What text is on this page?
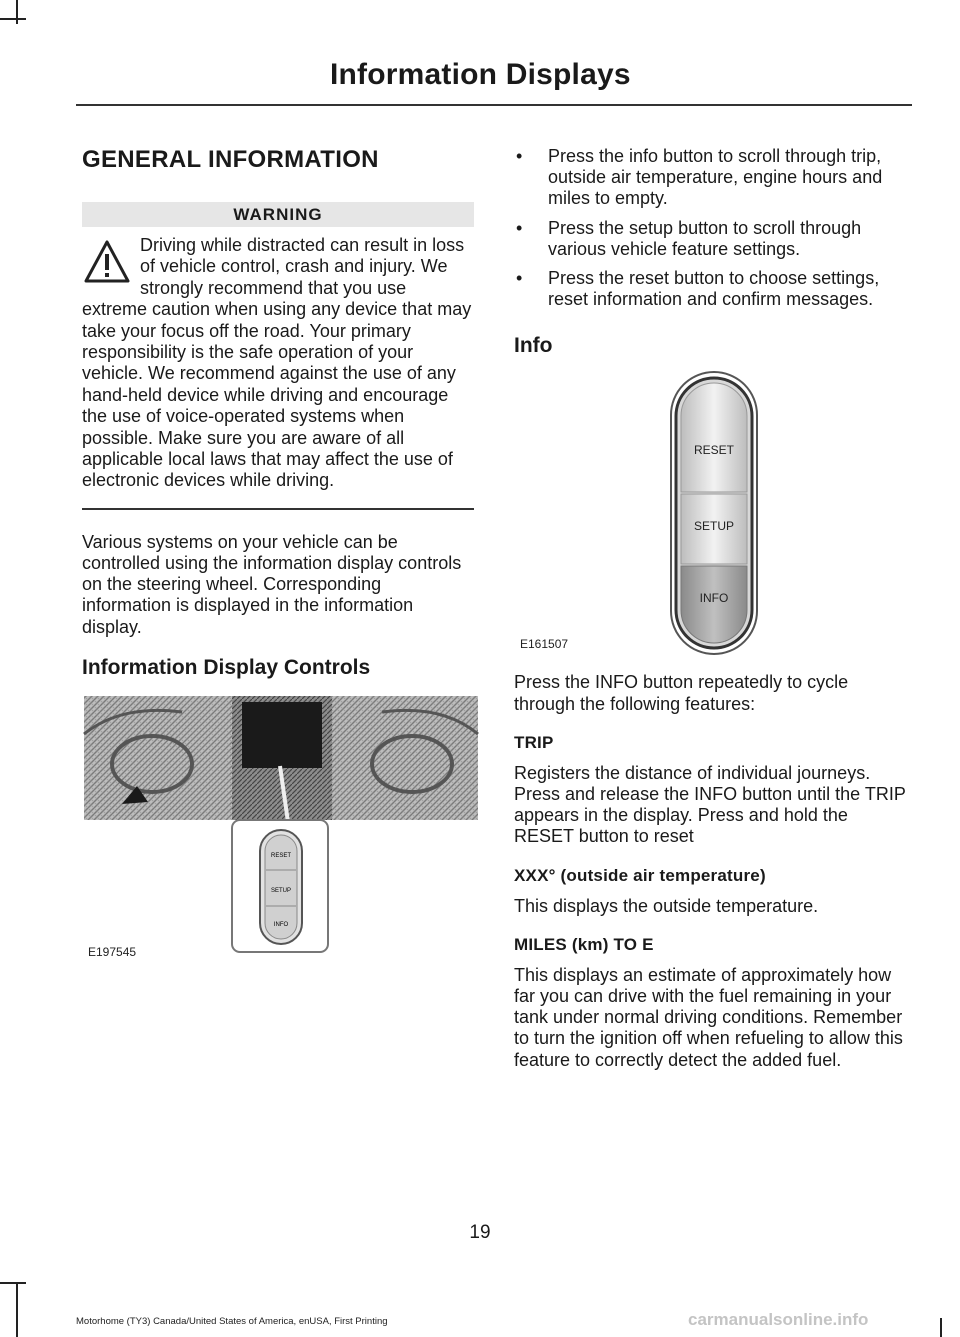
Information Displays
GENERAL INFORMATION
WARNING
Driving while distracted can result in loss of vehicle control, crash and injury. We strongly recommend that you use extreme caution when using any device that may take your focus off the road. Your primary responsibility is the safe operation of your vehicle. We recommend against the use of any hand-held device while driving and encourage the use of voice-operated systems when possible. Make sure you are aware of all applicable local laws that may affect the use of electronic devices while driving.

Various systems on your vehicle can be controlled using the information display controls on the steering wheel. Corresponding information is displayed in the information display.

Information Display Controls
RESET
SETUP
INFO
E197545
• Press the info button to scroll through trip, outside air temperature, engine hours and miles to empty.
• Press the setup button to scroll through various vehicle feature settings.
• Press the reset button to choose settings, reset information and confirm messages.
Info
RESET
SETUP
INFO
E161507

Press the INFO button repeatedly to cycle through the following features:

TRIP

Registers the distance of individual journeys. Press and release the INFO button until the TRIP appears in the display. Press and hold the RESET button to reset

XXX° (outside air temperature)

This displays the outside temperature.

MILES (km) TO E

This displays an estimate of approximately how far you can drive with the fuel remaining in your tank under normal driving conditions. Remember to turn the ignition off when refueling to allow this feature to correctly detect the added fuel.

19
Motorhome (TY3) Canada/United States of America, enUSA, First Printing	carmanualsonline.info
